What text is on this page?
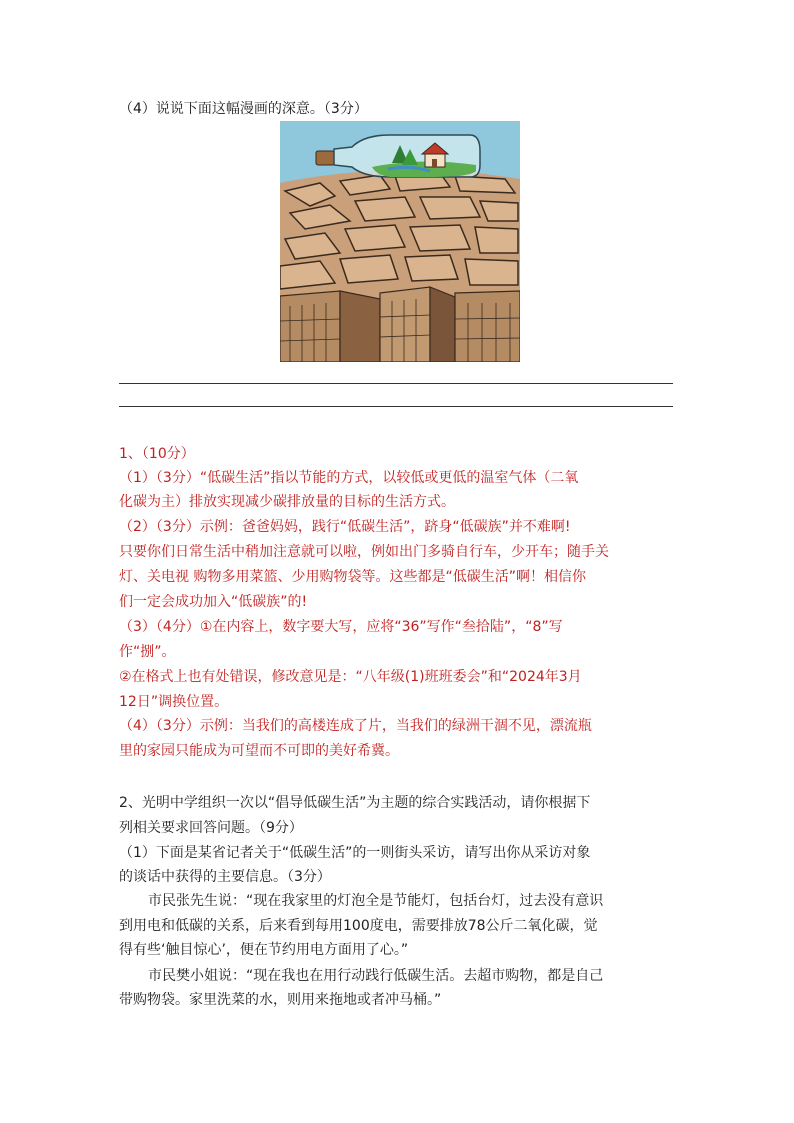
（4）说说下面这幅漫画的深意。（3分）
1、（10分）
（1）（3分）“低碳生活”指以节能的方式，以较低或更低的温室气体（二氧
化碳为主）排放实现减少碳排放量的目标的生活方式。
（2）（3分）示例：爸爸妈妈，践行“低碳生活”，跻身“低碳族”并不难啊!
只要你们日常生活中稍加注意就可以啦，例如出门多骑自行车，少开车；随手关
灯、关电视 购物多用菜篮、少用购物袋等。这些都是“低碳生活”啊！相信你
们一定会成功加入“低碳族”的!
（3）（4分）①在内容上，数字要大写，应将“36”写作“叁拾陆”，“8”写
作“捌”。
②在格式上也有处错误，修改意见是：“八年级(1)班班委会”和“2024年3月
12日”调换位置。
（4）（3分）示例：当我们的高楼连成了片，当我们的绿洲干涸不见，漂流瓶
里的家园只能成为可望而不可即的美好希冀。
2、光明中学组织一次以“倡导低碳生活”为主题的综合实践活动，请你根据下
列相关要求回答问题。（9分）
（1）下面是某省记者关于“低碳生活”的一则街头采访，请写出你从采访对象
的谈话中获得的主要信息。（3分）
市民张先生说：“现在我家里的灯泡全是节能灯，包括台灯，过去没有意识
到用电和低碳的关系，后来看到每用100度电，需要排放78公斤二氧化碳，觉
得有些‘触目惊心’，便在节约用电方面用了心。”
市民樊小姐说：“现在我也在用行动践行低碳生活。去超市购物，都是自己
带购物袋。家里洗菜的水，则用来拖地或者冲马桶。”
